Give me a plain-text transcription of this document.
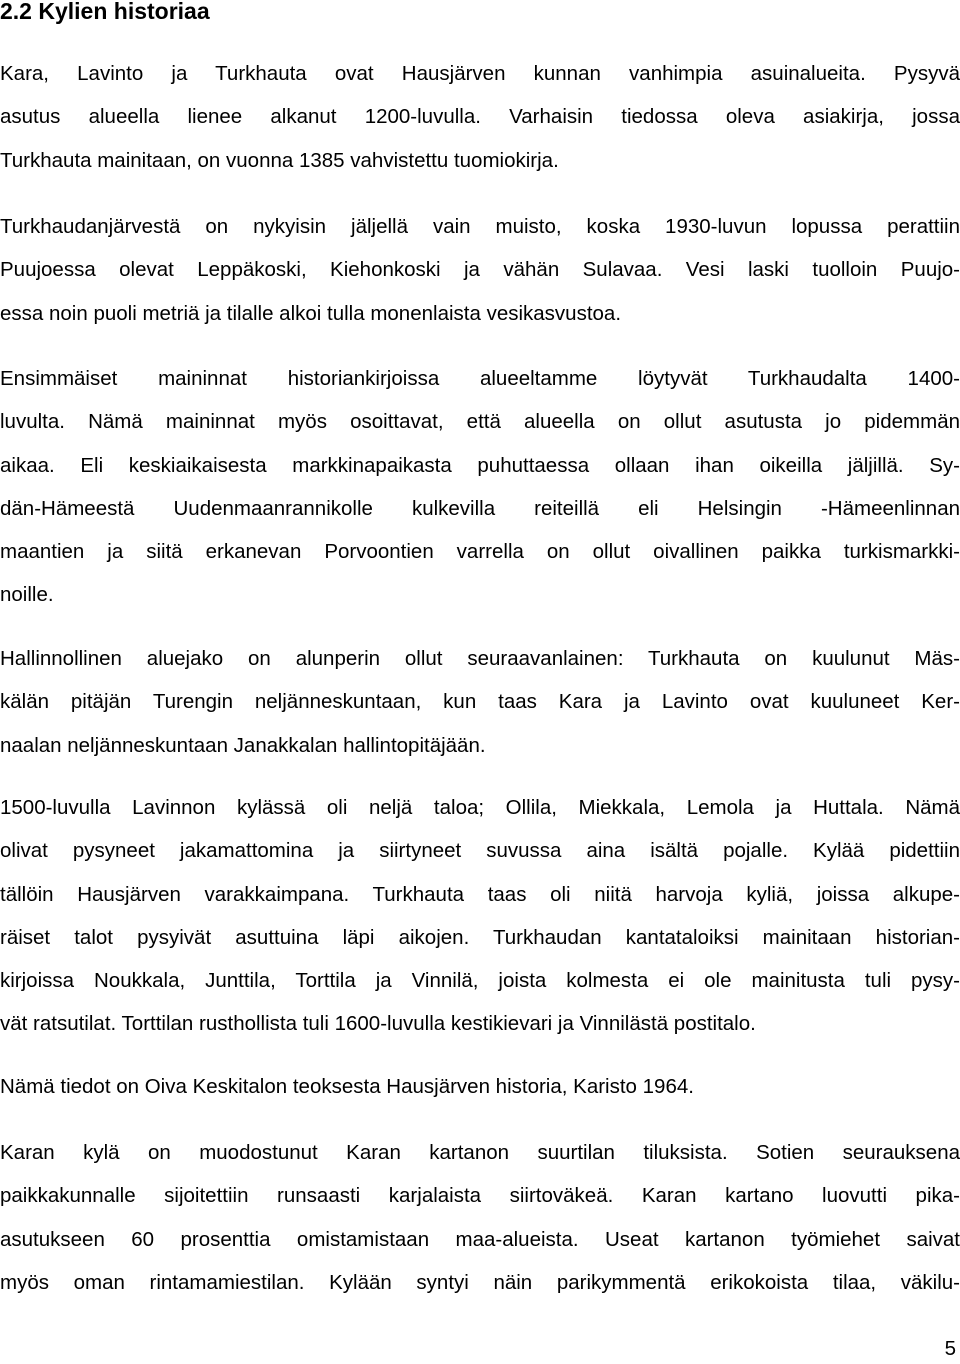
2.2 Kylien historiaa

Kara, Lavinto ja Turkhauta ovat Hausjärven kunnan vanhimpia asuinalueita. Pysyvä
asutus alueella lienee alkanut 1200-luvulla. Varhaisin tiedossa oleva asiakirja, jossa
Turkhauta mainitaan, on vuonna 1385 vahvistettu tuomiokirja.

Turkhaudanjärvestä on nykyisin jäljellä vain muisto, koska 1930-luvun lopussa perattiin
Puujoessa olevat Leppäkoski, Kiehonkoski ja vähän Sulavaa. Vesi laski tuolloin Puujo-
essa noin puoli metriä ja tilalle alkoi tulla monenlaista vesikasvustoa.

Ensimmäiset maininnat historiankirjoissa alueeltamme löytyvät Turkhaudalta 1400-
luvulta. Nämä maininnat myös osoittavat, että alueella on ollut asutusta jo pidemmän
aikaa. Eli keskiaikaisesta markkinapaikasta puhuttaessa ollaan ihan oikeilla jäljillä. Sy-
dän-Hämeestä Uudenmaanrannikolle kulkevilla reiteillä eli Helsingin -Hämeenlinnan
maantien ja siitä erkanevan Porvoontien varrella on ollut oivallinen paikka turkismarkki-
noille.

Hallinnollinen aluejako on alunperin ollut seuraavanlainen: Turkhauta on kuulunut Mäs-
kälän pitäjän Turengin neljänneskuntaan, kun taas Kara ja Lavinto ovat kuuluneet Ker-
naalan neljänneskuntaan Janakkalan hallintopitäjään.

1500-luvulla Lavinnon kylässä oli neljä taloa; Ollila, Miekkala, Lemola ja Huttala. Nämä
olivat pysyneet jakamattomina ja siirtyneet suvussa aina isältä pojalle. Kylää pidettiin
tällöin Hausjärven varakkaimpana. Turkhauta taas oli niitä harvoja kyliä, joissa alkupe-
räiset talot pysyivät asuttuina läpi aikojen. Turkhaudan kantataloiksi mainitaan historian-
kirjoissa Noukkala, Junttila, Torttila ja Vinnilä, joista kolmesta ei ole mainitusta tuli pysy-
vät ratsutilat. Torttilan rusthollista tuli 1600-luvulla kestikievari ja Vinnilästä postitalo.

Nämä tiedot on Oiva Keskitalon teoksesta Hausjärven historia, Karisto 1964.

Karan kylä on muodostunut Karan kartanon suurtilan tiluksista. Sotien seurauksena
paikkakunnalle sijoitettiin runsaasti karjalaista siirtoväkeä. Karan kartano luovutti pika-
asutukseen 60 prosenttia omistamistaan maa-alueista. Useat kartanon työmiehet saivat
myös oman rintamamiestilan. Kylään syntyi näin parikymmentä erikokoista tilaa, väkilu-

5
